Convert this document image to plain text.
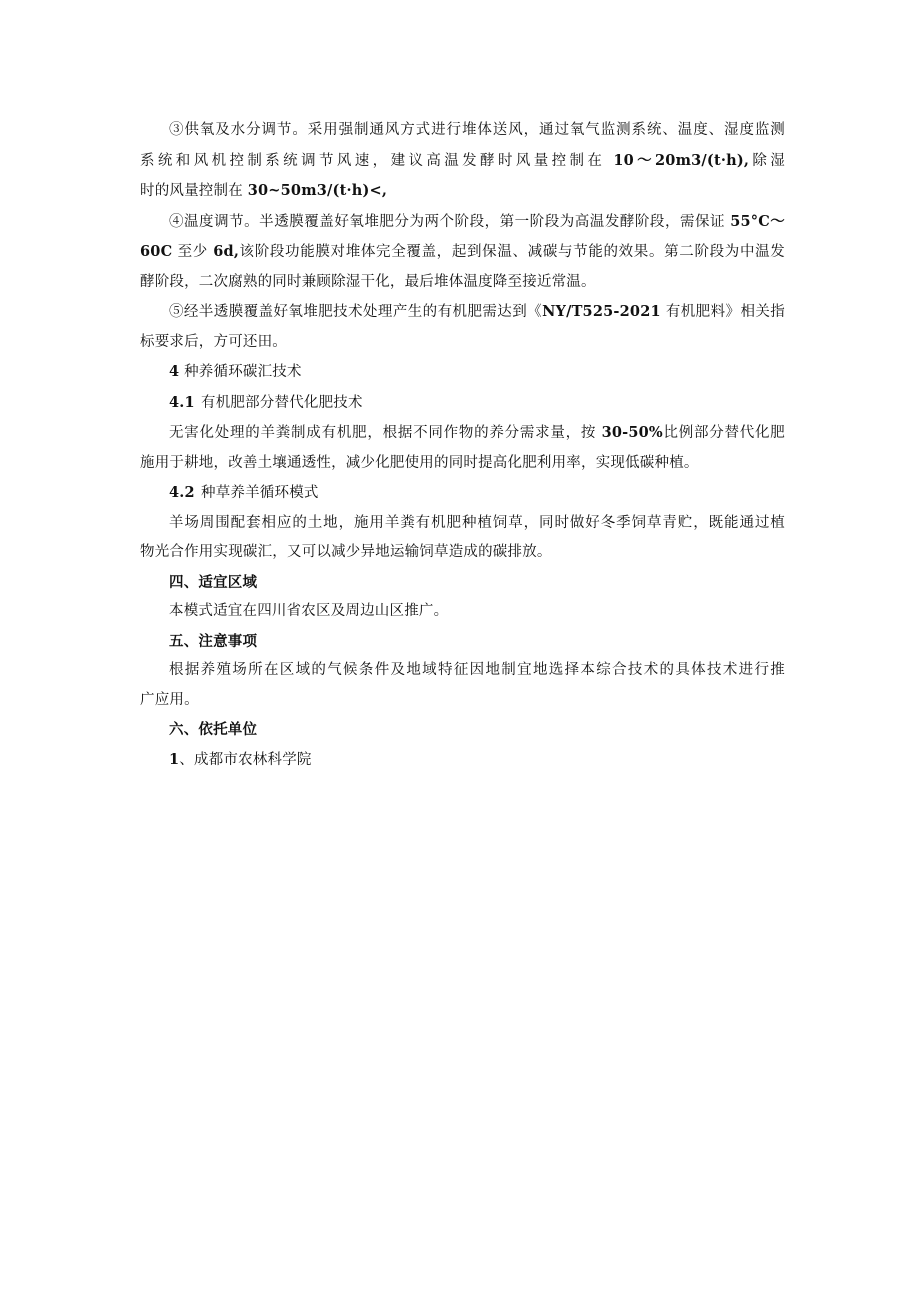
③供氧及水分调节。采用强制通风方式进行堆体送风，通过氧气监测系统、温度、湿度监测
系统和风机控制系统调节风速，建议高温发酵时风量控制在 10～20m3/(t·h),除湿
时的风量控制在 30~50m3/(t·h)<,
④温度调节。半透膜覆盖好氧堆肥分为两个阶段，第一阶段为高温发酵阶段，需保证 55°C～
60C 至少 6d,该阶段功能膜对堆体完全覆盖，起到保温、减碳与节能的效果。第二阶段为中温发
酵阶段，二次腐熟的同时兼顾除湿干化，最后堆体温度降至接近常温。
⑤经半透膜覆盖好氧堆肥技术处理产生的有机肥需达到《NY/T525-2021 有机肥料》相关指
标要求后，方可还田。
4 种养循环碳汇技术
4.1 有机肥部分替代化肥技术
无害化处理的羊粪制成有机肥，根据不同作物的养分需求量，按 30-50%比例部分替代化肥
施用于耕地，改善土壤通透性，减少化肥使用的同时提高化肥利用率，实现低碳种植。
4.2 种草养羊循环模式
羊场周围配套相应的土地，施用羊粪有机肥种植饲草，同时做好冬季饲草青贮，既能通过植
物光合作用实现碳汇，又可以减少异地运输饲草造成的碳排放。
四、适宜区域
本模式适宜在四川省农区及周边山区推广。
五、注意事项
根据养殖场所在区域的气候条件及地域特征因地制宜地选择本综合技术的具体技术进行推
广应用。
六、依托单位
1、成都市农林科学院
